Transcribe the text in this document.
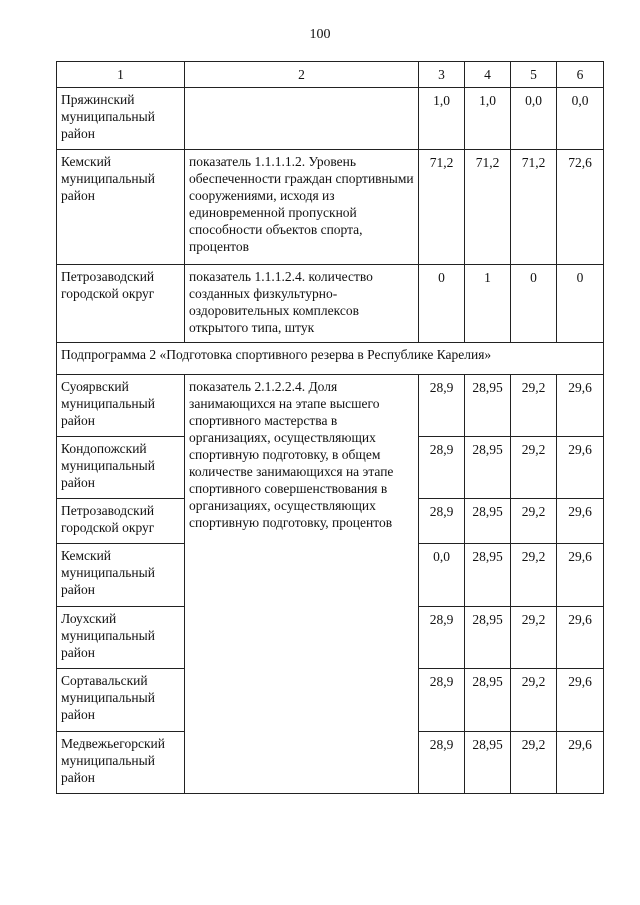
100
1	2	3	4	5	6
Пряжинский муниципальный район		1,0	1,0	0,0	0,0
Кемский муниципальный район	показатель 1.1.1.1.2. Уровень обеспеченности граждан спортивными сооружениями, исходя из единовременной пропускной способности объектов спорта, процентов	71,2	71,2	71,2	72,6
Петрозаводский городской округ	показатель 1.1.1.2.4. количество созданных физкультурно-оздоровительных комплексов открытого типа, штук	0	1	0	0
Подпрограмма 2 «Подготовка спортивного резерва в Республике Карелия»					
Суоярвский муниципальный район	показатель 2.1.2.2.4. Доля занимающихся на этапе высшего спортивного мастерства в организациях, осуществляющих спортивную подготовку, в общем количестве занимающихся на этапе спортивного совершенствования в организациях, осуществляющих спортивную подготовку, процентов	28,9	28,95	29,2	29,6
Кондопожский муниципальный район		28,9	28,95	29,2	29,6
Петрозаводский городской округ		28,9	28,95	29,2	29,6
Кемский муниципальный район		0,0	28,95	29,2	29,6
Лоухский муниципальный район		28,9	28,95	29,2	29,6
Сортавальский муниципальный район		28,9	28,95	29,2	29,6
Медвежьегорский муниципальный район		28,9	28,95	29,2	29,6
